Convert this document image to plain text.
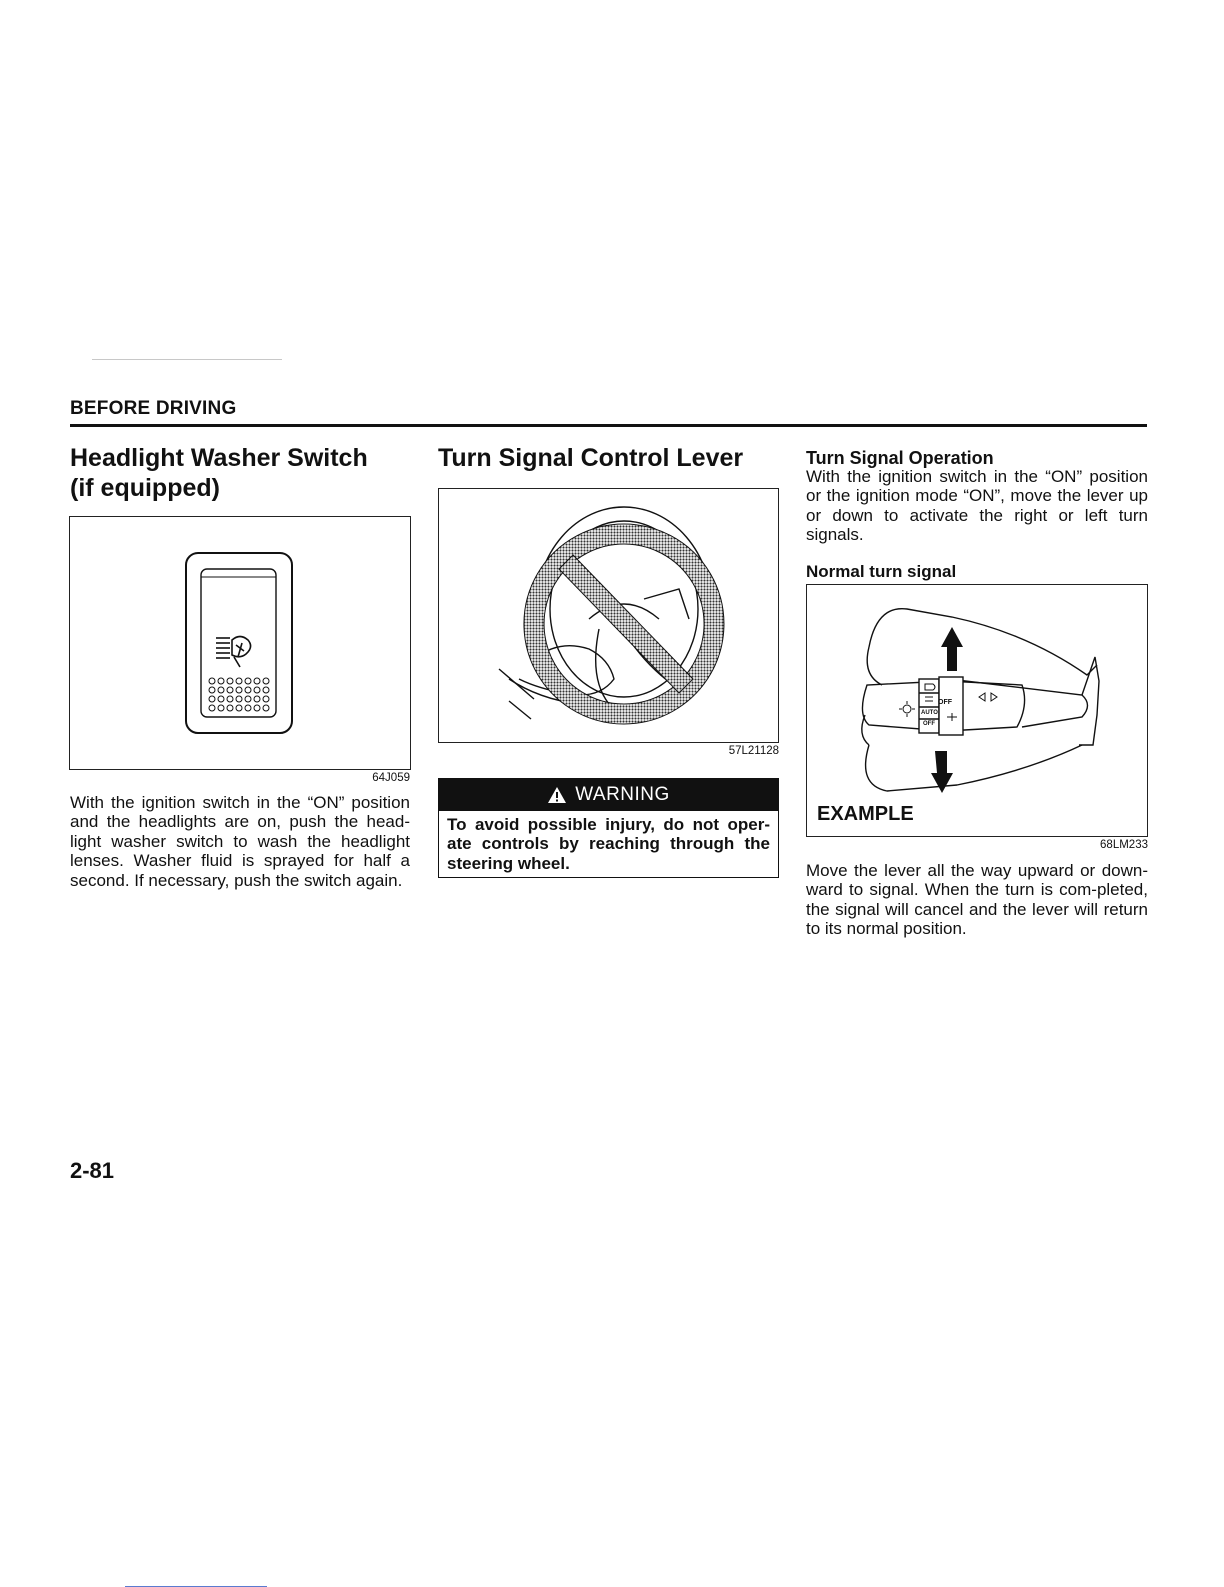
BEFORE DRIVING
Headlight Washer Switch
(if equipped)
64J059

With the ignition switch in the “ON” position and the headlights are on, push the head-light washer switch to wash the headlight lenses. Washer fluid is sprayed for half a second. If necessary, push the switch again.

Turn Signal Control Lever
57L21128
WARNING

To avoid possible injury, do not oper-ate controls by reaching through the steering wheel.

Turn Signal Operation

With the ignition switch in the “ON” position or the ignition mode “ON”, move the lever up or down to activate the right or left turn signals.

Normal turn signal
OFF
AUTO
OFF
EXAMPLE
68LM233

Move the lever all the way upward or down-ward to signal. When the turn is com-pleted, the signal will cancel and the lever will return to its normal position.

2-81
